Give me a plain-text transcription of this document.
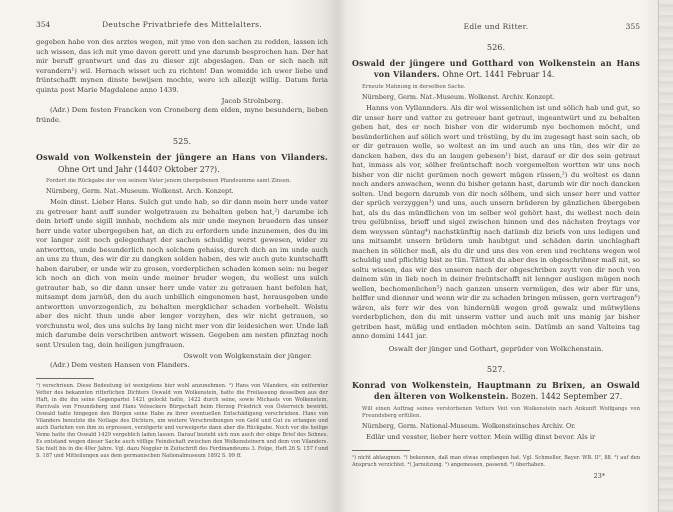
354	Deutsche Privatbriefe des Mittelalters.
gegeben habe von des arztes wegen, mit yme von den sachen zu redden, lassen ich uch wissen, das ich mit yme davon gerett und yne darumb besprochen han. Der hat mir beruff grantwurt und das zu dieser zijt abgeslagen. Dan er sich nach nit verandern¹) wil. Hernach wisset uch zu richten! Dan womidde ich uwer liebe und früntschafft mynen dinste bewijsen mochte, were ich allezijt willig. Datum feria quinta post Marie Magdalene anno 1439.
Jacob Strolnberg.
(Adr.) Dem festen Francken von Croneberg dem elden, myne besundern, lieben fründe.
525.
Oswald von Wolkenstein der jüngere an Hans von Vilanders. Ohne Ort und Jahr (1440? Oktober 27?).
Fordert die Rückgabe der von seinem Vater jenem übergebenen Pfandsumme samt Zinsen.
Nürnberg, Germ. Nat.-Museum. Wolkenst. Arch. Konzept.
Mein dinst. Lieber Hans. Sulch gut unde hab, so dir dann mein herr unde vater zu getreuer hant auff sunder wolgetrauen zu behalten geben hat,²) darumbe ich dein brieff unde sigill innhab, nochdem als mir unde meynen bruedern das unser herr unde vater ubergegeben hat, an dich zu erfordern unde inzunemen, des du im vor langer zeit noch gelegenhayt der sachen schuldig werst gewesen, wider zu antwortten, unde besunderlich noch solchem gehaiss, durch dich an im unde auch an uns zu thun, des wir dir zu dangken solden haben, des wir auch gute kuntschafft haben daruber, er unde wir zu grosen, vorderplichen schaden komen sein: nu beger ich noch an dich von mein unde meiner bruder wegen, du wollest uns sulch getrauter hab, so dir dann unser herr unde vater zu getrauen hant befolen hat, mitsampt dem jarnüß, den du auch unbillich eingenomen hast, herausgeben unde antwortten unvorzogenlich, zu behalten mergklicher schaden vorbehelt. Wolstu aber des nicht thun unde aber lenger vorzyhen, des wir nicht getrauen, so vorchunstu wol, des uns sulchs by lang nicht mer von dir leidesichen wer. Unde laß mich darumbe dein verschriben antwort wissen. Gegeben am nesten pfinztag noch sent Ursulen tag, dein heiligen jungfrauen.
Oswolt von Wolgkenstain der jünger.
(Adr.) Dem vesten Hansen von Flanders.
¹) verschrieen. Diese Bedeutung ist wenigstens hier wohl anzunehmen. ²) Hans von Vilanders, ein entfernter Vetter des bekannten ritterlichen Dichters Oswald von Wolkenstein, hatte die Freilassung desselben aus der Haft, in die ihn seine Gegenpartei 1421 gelockt hatte, 1422 durch seine, sowie Michaels von Wolkenstein, Parcivals von Freundsberg und Hans Velseckers Bürgschaft beim Herzog Friedrich von Österreich bewirkt. Oswald hatte hingegen den Bürgen seine Habe zu ihrer eventuellen Entschädigung verschrieben. Hans von Vilanders benutzte die Notlage des Dichters, um weitere Verschreibungen von Geld und Gut zu erlangen und auch Darlehen von ihm zu erpressen, verzögerte und verweigerte dann aber die Rückgabe. Noch vor die heilige Veme hatte ihn Oswald 1429 vergeblich laden lassen. Darauf bezieht sich nun auch der obige Brief des Sohnes. Es entstand wegen dieser Sache auch völlige Feindschaft zwischen den Wolkensteinern und dem von Vilanders. Sie hielt bis in die 40er Jahre. Vgl. dazu Noggler in Zeitschrift des Ferdinandeums 3. Folge, Heft 26 S. 157 f und S. 187 und Mitteilungen aus dem germanischen Nationalmuseum 1892 S. 99 ff.
Edle und Ritter.	355
526.
Oswald der jüngere und Gotthard von Wolkenstein an Hans von Vilanders. Ohne Ort. 1441 Februar 14.
Erneute Mahnung in derselben Sache.
Nürnberg, Germ. Nat.-Museum. Wolkenst. Archiv. Konzept.
Hanns von Vyllannders. Als dir wol wissenlichen ist und sölich hab und gut, so dir unser herr und vatter zu getreuer hant getraut, ingeantwürt und zu behalten geben hat, des er noch bisher von dir widerumb nye bechomen möcht, und besünderlichen auf sölich wort und tröstüng, by du im zugesagt hast sein sach, ob er dir getrauen welle, so woltest an im und auch an uns tün, des wir dir ze dancken haben, des du an laugen gebesen¹) bist, darauf er dir des sein getraut hat, inmass als vor, sölher freüntschaft noch vorgemelten wortten wir uns noch bisher von dir nicht gerümen noch gewert mügen rüssen,²) du woltest es dann noch anders anwachen, wenn du bisher getann hast, darumb wir dir noch dancken solten. Und begern darumb von dir noch sölhem, und sich unser herr und vatter der sprüch verzyggen³) und uns, auch unsern brüderen by gänzlichen übergeben hat, als du das mündlichen von im selber wol gehört hast, du wellest noch dein treu gelübnüss, brieff und sigel zwischen hinnen und des nächsten freytags vor dem weyssen süntag⁴) nachstkünftig nach datümb diz briefs von uns ledigen und uns mitsambt unsern brüdern umb haubtgut und schäden darin unchlaghaft machen in sölicher maß, als du dir und uns des von eren und rechtens wegen wol schuldig und pflichtig bist ze tün. Tättest du aber des in obgeschribner maß nit, so soltu wissen, das wir des unseren nach der obgeschriben zeytt von dir noch von deinem sün in lieb noch in deiner freüntschafft nit lennger ausligen mügen noch wellen, bechomenlichen⁵) nach ganzen unsern vermügen, des wir aber für uns, helffer und dienner und wenn wir dir zu schaden bringen müssen, gern vertragen⁶) wären, als ferr wir des von hindernüß wegen groß gewalz und mütwyllens verderbplichen, den du mit unserm vatter und auch mit uns manig jar bisher getriben hast, müßig und entladen möchten sein. Datümb an sand Valteins tag anno domini 1441 jar.
Oswalt der jünger und Gothart, geprüder von Wolkchenstain.
527.
Konrad von Wolkenstein, Hauptmann zu Brixen, an Oswald den älteren von Wolkenstein. Bozen. 1442 September 27.
Will einen Auftrag seines verstorbenen Vetters Veit von Wolkenstein nach Ankunft Wolfgangs von Freundsberg erfüllen.
Nürnberg, Germ. National-Museum. Wolkensteinsches Archiv. Or.
Edlär und vesster, lieber herr vetter. Mein willig dinst bevor. Als ir
¹) nicht ablaugnen. ²) bekennen, daß man etwas empfangen hat. Vgl. Schmeller, Bayer. WB. II², 88. ³) auf den Anspruch verzichtet. ⁴) Jarnutzung. ⁵) angemessen, passend. ⁶) überhaben.
23*
